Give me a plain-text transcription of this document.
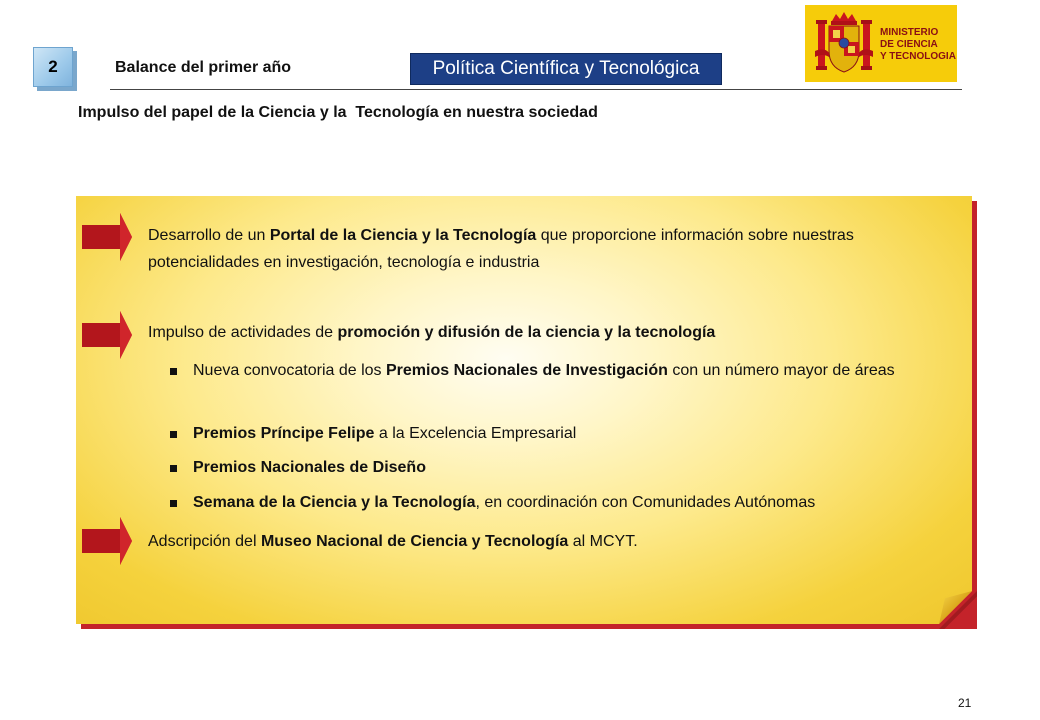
2	Balance del primer año	Política Científica y Tecnológica
MINISTERIO
DE CIENCIA
Y TECNOLOGIA
Impulso del papel de la Ciencia y la  Tecnología en nuestra sociedad
Desarrollo de un Portal de la Ciencia y la Tecnología que proporcione información sobre nuestras potencialidades en investigación, tecnología e industria
Impulso de actividades de promoción y difusión de la ciencia y la tecnología
Nueva convocatoria de los Premios Nacionales de Investigación con un número mayor de áreas
Premios Príncipe Felipe a la Excelencia Empresarial
Premios Nacionales de Diseño
Semana de la Ciencia y la Tecnología, en coordinación con Comunidades Autónomas
Adscripción del Museo Nacional de Ciencia y Tecnología al MCYT.
21
